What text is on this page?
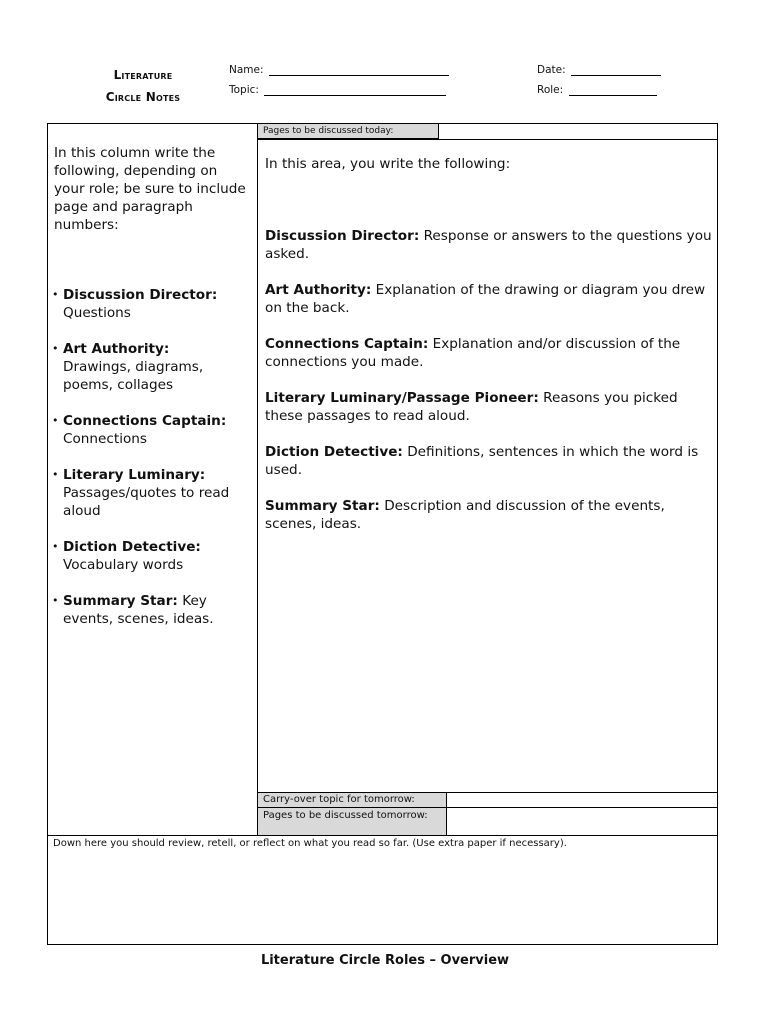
Literature
Circle Notes
Name:
Topic:
Date:
Role:
Pages to be discussed today:
In this column write the following, depending on your role; be sure to include page and paragraph numbers:
• Discussion Director:
Questions
• Art Authority:
Drawings, diagrams, poems, collages
• Connections Captain:
Connections
• Literary Luminary:
Passages/quotes to read aloud
• Diction Detective:
Vocabulary words
• Summary Star: Key events, scenes, ideas.
In this area, you write the following:
Discussion Director: Response or answers to the questions you asked.
Art Authority: Explanation of the drawing or diagram you drew on the back.
Connections Captain: Explanation and/or discussion of the connections you made.
Literary Luminary/Passage Pioneer: Reasons you picked these passages to read aloud.
Diction Detective: Definitions, sentences in which the word is used.
Summary Star: Description and discussion of the events, scenes, ideas.
Carry-over topic for tomorrow:
Pages to be discussed tomorrow:
Down here you should review, retell, or reflect on what you read so far. (Use extra paper if necessary).
Literature Circle Roles – Overview
